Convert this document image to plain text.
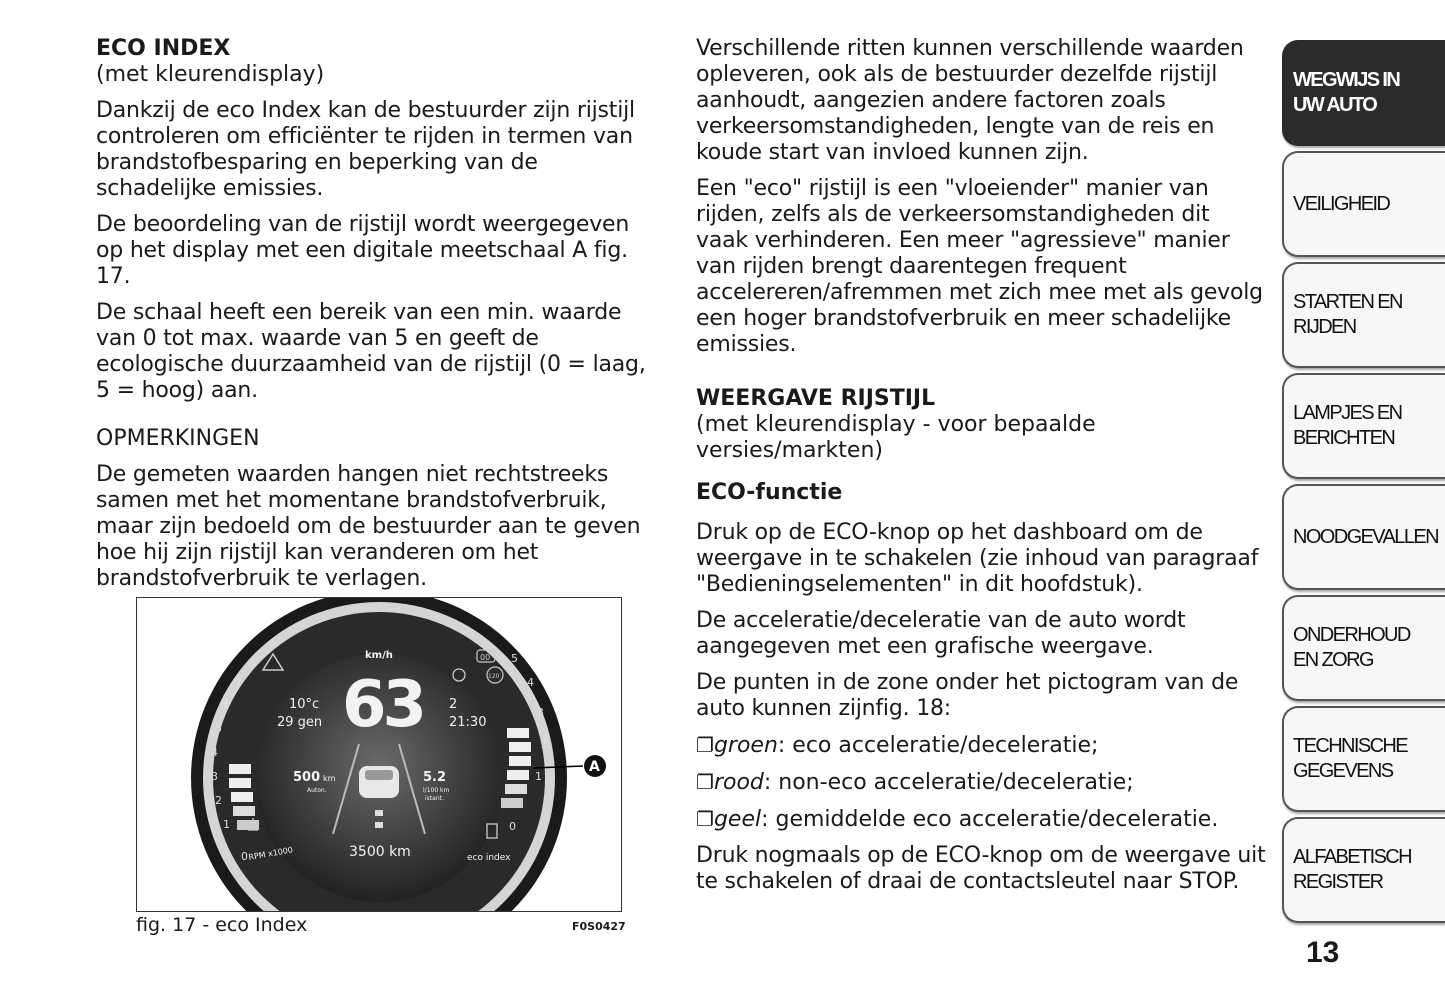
ECO INDEX

(met kleurendisplay)

Dankzij de eco Index kan de bestuurder zijn rijstijl controleren om efficiënter te rijden in termen van brandstofbesparing en beperking van de schadelijke emissies.

De beoordeling van de rijstijl wordt weergegeven op het display met een digitale meetschaal A fig. 17.

De schaal heeft een bereik van een min. waarde van 0 tot max. waarde van 5 en geeft de ecologische duurzaamheid van de rijstijl (0 = laag, 5 = hoog) aan.

OPMERKINGEN

De gemeten waarden hangen niet rechtstreeks samen met het momentane brandstofverbruik, maar zijn bedoeld om de bestuurder aan te geven hoe hij zijn rijstijl kan veranderen om het brandstofverbruik te verlagen.

0
1
2
3
4
5
6
7
8
0
1
2
3
4
5
00
120
km/h
63
10°c
29 gen
2
21:30
500 km
Auton.
5.2
l/100 km
istant.
3500 km
RPM x1000	eco index
A
fig. 17 - eco Index	F0S0427

Verschillende ritten kunnen verschillende waarden opleveren, ook als de bestuurder dezelfde rijstijl aanhoudt, aangezien andere factoren zoals verkeersomstandigheden, lengte van de reis en koude start van invloed kunnen zijn.

Een "eco" rijstijl is een "vloeiender" manier van rijden, zelfs als de verkeersomstandigheden dit vaak verhinderen. Een meer "agressieve" manier van rijden brengt daarentegen frequent accelereren/afremmen met zich mee met als gevolg een hoger brandstofverbruik en meer schadelijke emissies.

WEERGAVE RIJSTIJL

(met kleurendisplay - voor bepaalde versies/markten)

ECO-functie

Druk op de ECO-knop op het dashboard om de weergave in te schakelen (zie inhoud van paragraaf "Bedieningselementen" in dit hoofdstuk).

De acceleratie/deceleratie van de auto wordt aangegeven met een grafische weergave.

De punten in de zone onder het pictogram van de auto kunnen zijnfig. 18:

❐groen: eco acceleratie/deceleratie;

❐rood: non-eco acceleratie/deceleratie;

❐geel: gemiddelde eco acceleratie/deceleratie.

Druk nogmaals op de ECO-knop om de weergave uit te schakelen of draai de contactsleutel naar STOP.

WEGWIJS IN UW AUTO
VEILIGHEID
STARTEN EN RIJDEN
LAMPJES EN BERICHTEN
NOODGEVALLEN
ONDERHOUD EN ZORG
TECHNISCHE GEGEVENS
ALFABETISCH REGISTER
13
